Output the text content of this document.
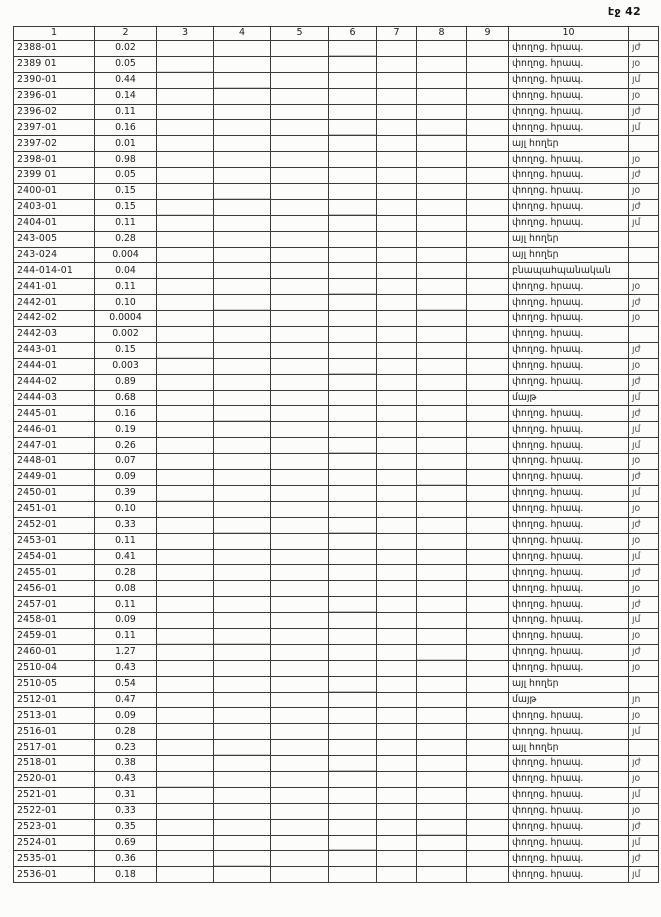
էջ 42
1	2	3	4	5	6	7	8	9	10	
2388-01	0.02								փողոց. հրապ.	յժ
2389 01	0.05								փողոց. հրապ.	յօ
2390-01	0.44								փողոց. հրապ.	յմ
2396-01	0.14								փողոց. հրապ.	յօ
2396-02	0.11								փողոց. հրապ.	յժ
2397-01	0.16								փողոց. հրապ.	յմ
2397-02	0.01								այլ հողեր	
2398-01	0.98								փողոց. հրապ.	յօ
2399 01	0.05								փողոց. հրապ.	յժ
2400-01	0.15								փողոց. հրապ.	յօ
2403-01	0.15								փողոց. հրապ.	յժ
2404-01	0.11								փողոց. հրապ.	յմ
243-005	0.28								այլ հողեր	
243-024	0.004								այլ հողեր	
244-014-01	0.04								բնապահպանական	
2441-01	0.11								փողոց. հրապ.	յօ
2442-01	0.10								փողոց. հրապ.	յժ
2442-02	0.0004								փողոց. հրապ.	յօ
2442-03	0.002								փողոց. հրապ.	
2443-01	0.15								փողոց. հրապ.	յժ
2444-01	0.003								փողոց. հրապ.	յօ
2444-02	0.89								փողոց. հրապ.	յժ
2444-03	0.68								մայթ	յմ
2445-01	0.16								փողոց. հրապ.	յժ
2446-01	0.19								փողոց. հրապ.	յմ
2447-01	0.26								փողոց. հրապ.	յմ
2448-01	0.07								փողոց. հրապ.	յօ
2449-01	0.09								փողոց. հրապ.	յժ
2450-01	0.39								փողոց. հրապ.	յմ
2451-01	0.10								փողոց. հրապ.	յօ
2452-01	0.33								փողոց. հրապ.	յժ
2453-01	0.11								փողոց. հրապ.	յօ
2454-01	0.41								փողոց. հրապ.	յմ
2455-01	0.28								փողոց. հրապ.	յժ
2456-01	0.08								փողոց. հրապ.	յօ
2457-01	0.11								փողոց. հրապ.	յժ
2458-01	0.09								փողոց. հրապ.	յմ
2459-01	0.11								փողոց. հրապ.	յօ
2460-01	1.27								փողոց. հրապ.	յժ
2510-04	0.43								փողոց. հրապ.	յօ
2510-05	0.54								այլ հողեր	
2512-01	0.47								մայթ	յո
2513-01	0.09								փողոց. հրապ.	յօ
2516-01	0.28								փողոց. հրապ.	յմ
2517-01	0.23								այլ հողեր	
2518-01	0.38								փողոց. հրապ.	յժ
2520-01	0.43								փողոց. հրապ.	յօ
2521-01	0.31								փողոց. հրապ.	յմ
2522-01	0.33								փողոց. հրապ.	յօ
2523-01	0.35								փողոց. հրապ.	յժ
2524-01	0.69								փողոց. հրապ.	յմ
2535-01	0.36								փողոց. հրապ.	յժ
2536-01	0.18								փողոց. հրապ.	յմ
